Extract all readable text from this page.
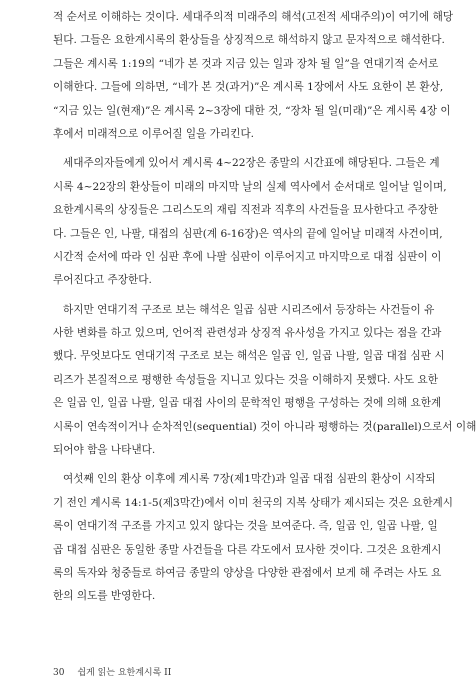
적 순서로 이해하는 것이다. 세대주의적 미래주의 해석(고전적 세대주의)이 여기에 해당
된다. 그들은 요한계시록의 환상들을 상징적으로 해석하지 않고 문자적으로 해석한다.
그들은 계시록 1:19의 “네가 본 것과 지금 있는 일과 장차 될 일”을 연대기적 순서로
이해한다. 그들에 의하면, “네가 본 것(과거)”은 계시록 1장에서 사도 요한이 본 환상,
“지금 있는 일(현재)”은 계시록 2~3장에 대한 것, “장차 될 일(미래)”은 계시록 4장 이
후에서 미래적으로 이루어질 일을 가리킨다.
세대주의자들에게 있어서 계시록 4~22장은 종말의 시간표에 해당된다. 그들은 계
시록 4~22장의 환상들이 미래의 마지막 날의 실제 역사에서 순서대로 일어날 일이며,
요한계시록의 상징들은 그리스도의 재림 직전과 직후의 사건들을 묘사한다고 주장한
다. 그들은 인, 나팔, 대접의 심판(계 6-16장)은 역사의 끝에 일어날 미래적 사건이며,
시간적 순서에 따라 인 심판 후에 나팔 심판이 이루어지고 마지막으로 대접 심판이 이
루어진다고 주장한다.
하지만 연대기적 구조로 보는 해석은 일곱 심판 시리즈에서 등장하는 사건들이 유
사한 변화를 하고 있으며, 언어적 관련성과 상징적 유사성을 가지고 있다는 점을 간과
했다. 무엇보다도 연대기적 구조로 보는 해석은 일곱 인, 일곱 나팔, 일곱 대접 심판 시
리즈가 본질적으로 평행한 속성들을 지니고 있다는 것을 이해하지 못했다. 사도 요한
은 일곱 인, 일곱 나팔, 일곱 대접 사이의 문학적인 평행을 구성하는 것에 의해 요한계
시록이 연속적이거나 순차적인(sequential) 것이 아니라 평행하는 것(parallel)으로서 이해
되어야 함을 나타낸다.
여섯째 인의 환상 이후에 계시록 7장(제1막간)과 일곱 대접 심판의 환상이 시작되
기 전인 계시록 14:1-5(제3막간)에서 이미 천국의 지복 상태가 제시되는 것은 요한계시
록이 연대기적 구조를 가지고 있지 않다는 것을 보여준다. 즉, 일곱 인, 일곱 나팔, 일
곱 대접 심판은 동일한 종말 사건들을 다른 각도에서 묘사한 것이다. 그것은 요한계시
록의 독자와 청중들로 하여금 종말의 양상을 다양한 관점에서 보게 해 주려는 사도 요
한의 의도를 반영한다.
30 쉽게 읽는 요한계시록 II
